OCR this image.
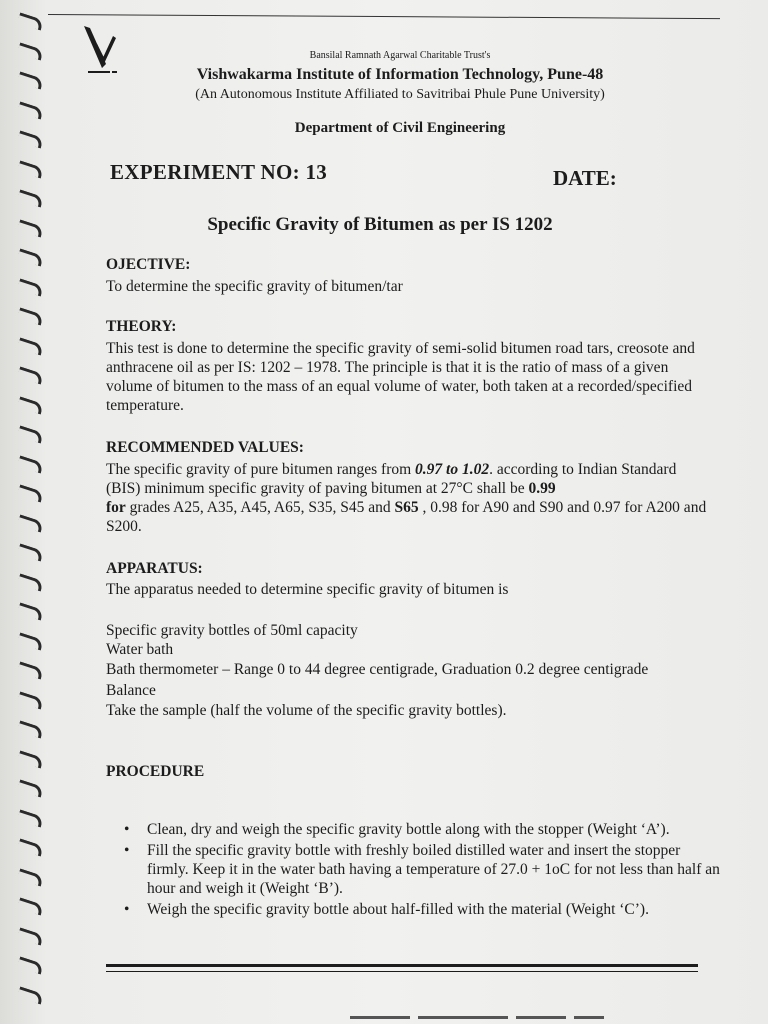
Bansilal Ramnath Agarwal Charitable Trust's
Vishwakarma Institute of Information Technology, Pune-48
(An Autonomous Institute Affiliated to Savitribai Phule Pune University)
Department of Civil Engineering
EXPERIMENT NO: 13	DATE:
Specific Gravity of Bitumen as per IS 1202
OJECTIVE:
To determine the specific gravity of bitumen/tar
THEORY:
This test is done to determine the specific gravity of semi-solid bitumen road tars, creosote and anthracene oil as per IS: 1202 – 1978. The principle is that it is the ratio of mass of a given volume of bitumen to the mass of an equal volume of water, both taken at a recorded/specified temperature.
RECOMMENDED VALUES:
The specific gravity of pure bitumen ranges from 0.97 to 1.02. according to Indian Standard (BIS) minimum specific gravity of paving bitumen at 27°C shall be 0.99
for grades A25, A35, A45, A65, S35, S45 and S65 , 0.98 for A90 and S90 and 0.97 for A200 and S200.
APPARATUS:
The apparatus needed to determine specific gravity of bitumen is
Specific gravity bottles of 50ml capacity
Water bath
Bath thermometer – Range 0 to 44 degree centigrade, Graduation 0.2 degree centigrade
Balance
Take the sample (half the volume of the specific gravity bottles).
PROCEDURE
• Clean, dry and weigh the specific gravity bottle along with the stopper (Weight ‘A’).
• Fill the specific gravity bottle with freshly boiled distilled water and insert the stopper firmly. Keep it in the water bath having a temperature of 27.0 + 1oC for not less than half an hour and weigh it (Weight ‘B’).
• Weigh the specific gravity bottle about half-filled with the material (Weight ‘C’).
